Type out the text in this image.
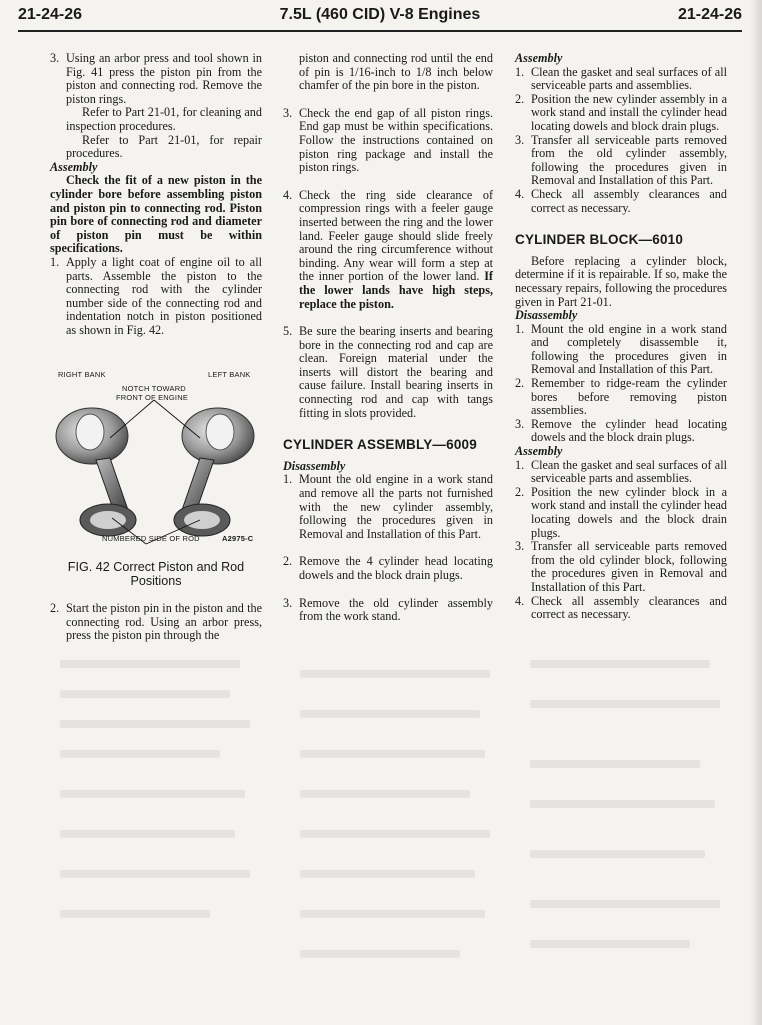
21-24-26	7.5L (460 CID) V-8 Engines	21-24-26
3. Using an arbor press and tool shown in Fig. 41 press the piston pin from the piston and connecting rod. Remove the piston rings.
Refer to Part 21-01, for cleaning and inspection procedures.
Refer to Part 21-01, for repair procedures.
Assembly
Check the fit of a new piston in the cylinder bore before assembling piston and piston pin to connecting rod. Piston pin bore of connecting rod and diameter of piston pin must be within specifications.
1. Apply a light coat of engine oil to all parts. Assemble the piston to the connecting rod with the cylinder number side of the connecting rod and indentation notch in piston positioned as shown in Fig. 42.
RIGHT BANK	LEFT BANK
NOTCH TOWARD
FRONT OF ENGINE
NUMBERED SIDE OF ROD	A2975-C
FIG. 42 Correct Piston and Rod Positions
2. Start the piston pin in the piston and the connecting rod. Using an arbor press, press the piston pin through the
piston and connecting rod until the end of pin is 1/16-inch to 1/8 inch below chamfer of the pin bore in the piston.
3. Check the end gap of all piston rings. End gap must be within specifications. Follow the instructions contained on piston ring package and install the piston rings.
4. Check the ring side clearance of compression rings with a feeler gauge inserted between the ring and the lower land. Feeler gauge should slide freely around the ring circumference without binding. Any wear will form a step at the inner portion of the lower land. If the lower lands have high steps, replace the piston.
5. Be sure the bearing inserts and bearing bore in the connecting rod and cap are clean. Foreign material under the inserts will distort the bearing and cause failure. Install bearing inserts in connecting rod and cap with tangs fitting in slots provided.
CYLINDER ASSEMBLY—6009
Disassembly
1. Mount the old engine in a work stand and remove all the parts not furnished with the new cylinder assembly, following the procedures given in Removal and Installation of this Part.
2. Remove the 4 cylinder head locating dowels and the block drain plugs.
3. Remove the old cylinder assembly from the work stand.
Assembly
1. Clean the gasket and seal surfaces of all serviceable parts and assemblies.
2. Position the new cylinder assembly in a work stand and install the cylinder head locating dowels and block drain plugs.
3. Transfer all serviceable parts removed from the old cylinder assembly, following the procedures given in Removal and Installation of this Part.
4. Check all assembly clearances and correct as necessary.
CYLINDER BLOCK—6010
Before replacing a cylinder block, determine if it is repairable. If so, make the necessary repairs, following the procedures given in Part 21-01.
Disassembly
1. Mount the old engine in a work stand and completely disassemble it, following the procedures given in Removal and Installation of this Part.
2. Remember to ridge-ream the cylinder bores before removing piston assemblies.
3. Remove the cylinder head locating dowels and the block drain plugs.
Assembly
1. Clean the gasket and seal surfaces of all serviceable parts and assemblies.
2. Position the new cylinder block in a work stand and install the cylinder head locating dowels and the block drain plugs.
3. Transfer all serviceable parts removed from the old cylinder block, following the procedures given in Removal and Installation of this Part.
4. Check all assembly clearances and correct as necessary.
